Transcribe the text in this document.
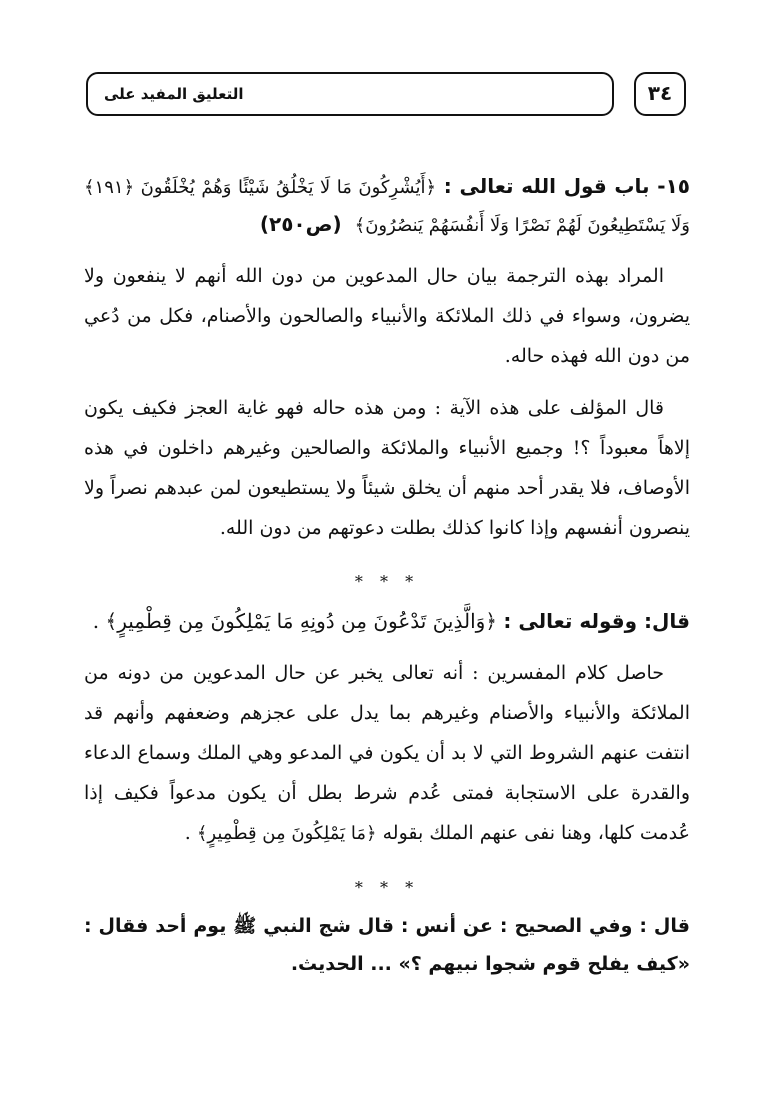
التعليق المفيد على	٣٤

١٥- باب قول الله تعالى : ﴿أَيُشْرِكُونَ مَا لَا يَخْلُقُ شَيْئًا وَهُمْ يُخْلَقُونَ ﴿١٩١﴾ وَلَا يَسْتَطِيعُونَ لَهُمْ نَصْرًا وَلَا أَنفُسَهُمْ يَنصُرُونَ﴾ (ص٢٥٠)

المراد بهذه الترجمة بيان حال المدعوين من دون الله أنهم لا ينفعون ولا يضرون، وسواء في ذلك الملائكة والأنبياء والصالحون والأصنام، فكل من دُعي من دون الله فهذه حاله.

قال المؤلف على هذه الآية : ومن هذه حاله فهو غاية العجز فكيف يكون إلاهاً معبوداً ؟! وجميع الأنبياء والملائكة والصالحين وغيرهم داخلون في هذه الأوصاف، فلا يقدر أحد منهم أن يخلق شيئاً ولا يستطيعون لمن عبدهم نصراً ولا ينصرون أنفسهم وإذا كانوا كذلك بطلت دعوتهم من دون الله.

* * *

قال: وقوله تعالى : ﴿وَالَّذِينَ تَدْعُونَ مِن دُونِهِ مَا يَمْلِكُونَ مِن قِطْمِيرٍ﴾ .

حاصل كلام المفسرين : أنه تعالى يخبر عن حال المدعوين من دونه من الملائكة والأنبياء والأصنام وغيرهم بما يدل على عجزهم وضعفهم وأنهم قد انتفت عنهم الشروط التي لا بد أن يكون في المدعو وهي الملك وسماع الدعاء والقدرة على الاستجابة فمتى عُدم شرط بطل أن يكون مدعواً فكيف إذا عُدمت كلها، وهنا نفى عنهم الملك بقوله ﴿مَا يَمْلِكُونَ مِن قِطْمِيرٍ﴾ .

* * *

قال : وفي الصحيح : عن أنس : قال شج النبي ﷺ يوم أحد فقال : «كيف يفلح قوم شجوا نبيهم ؟» ... الحديث.
